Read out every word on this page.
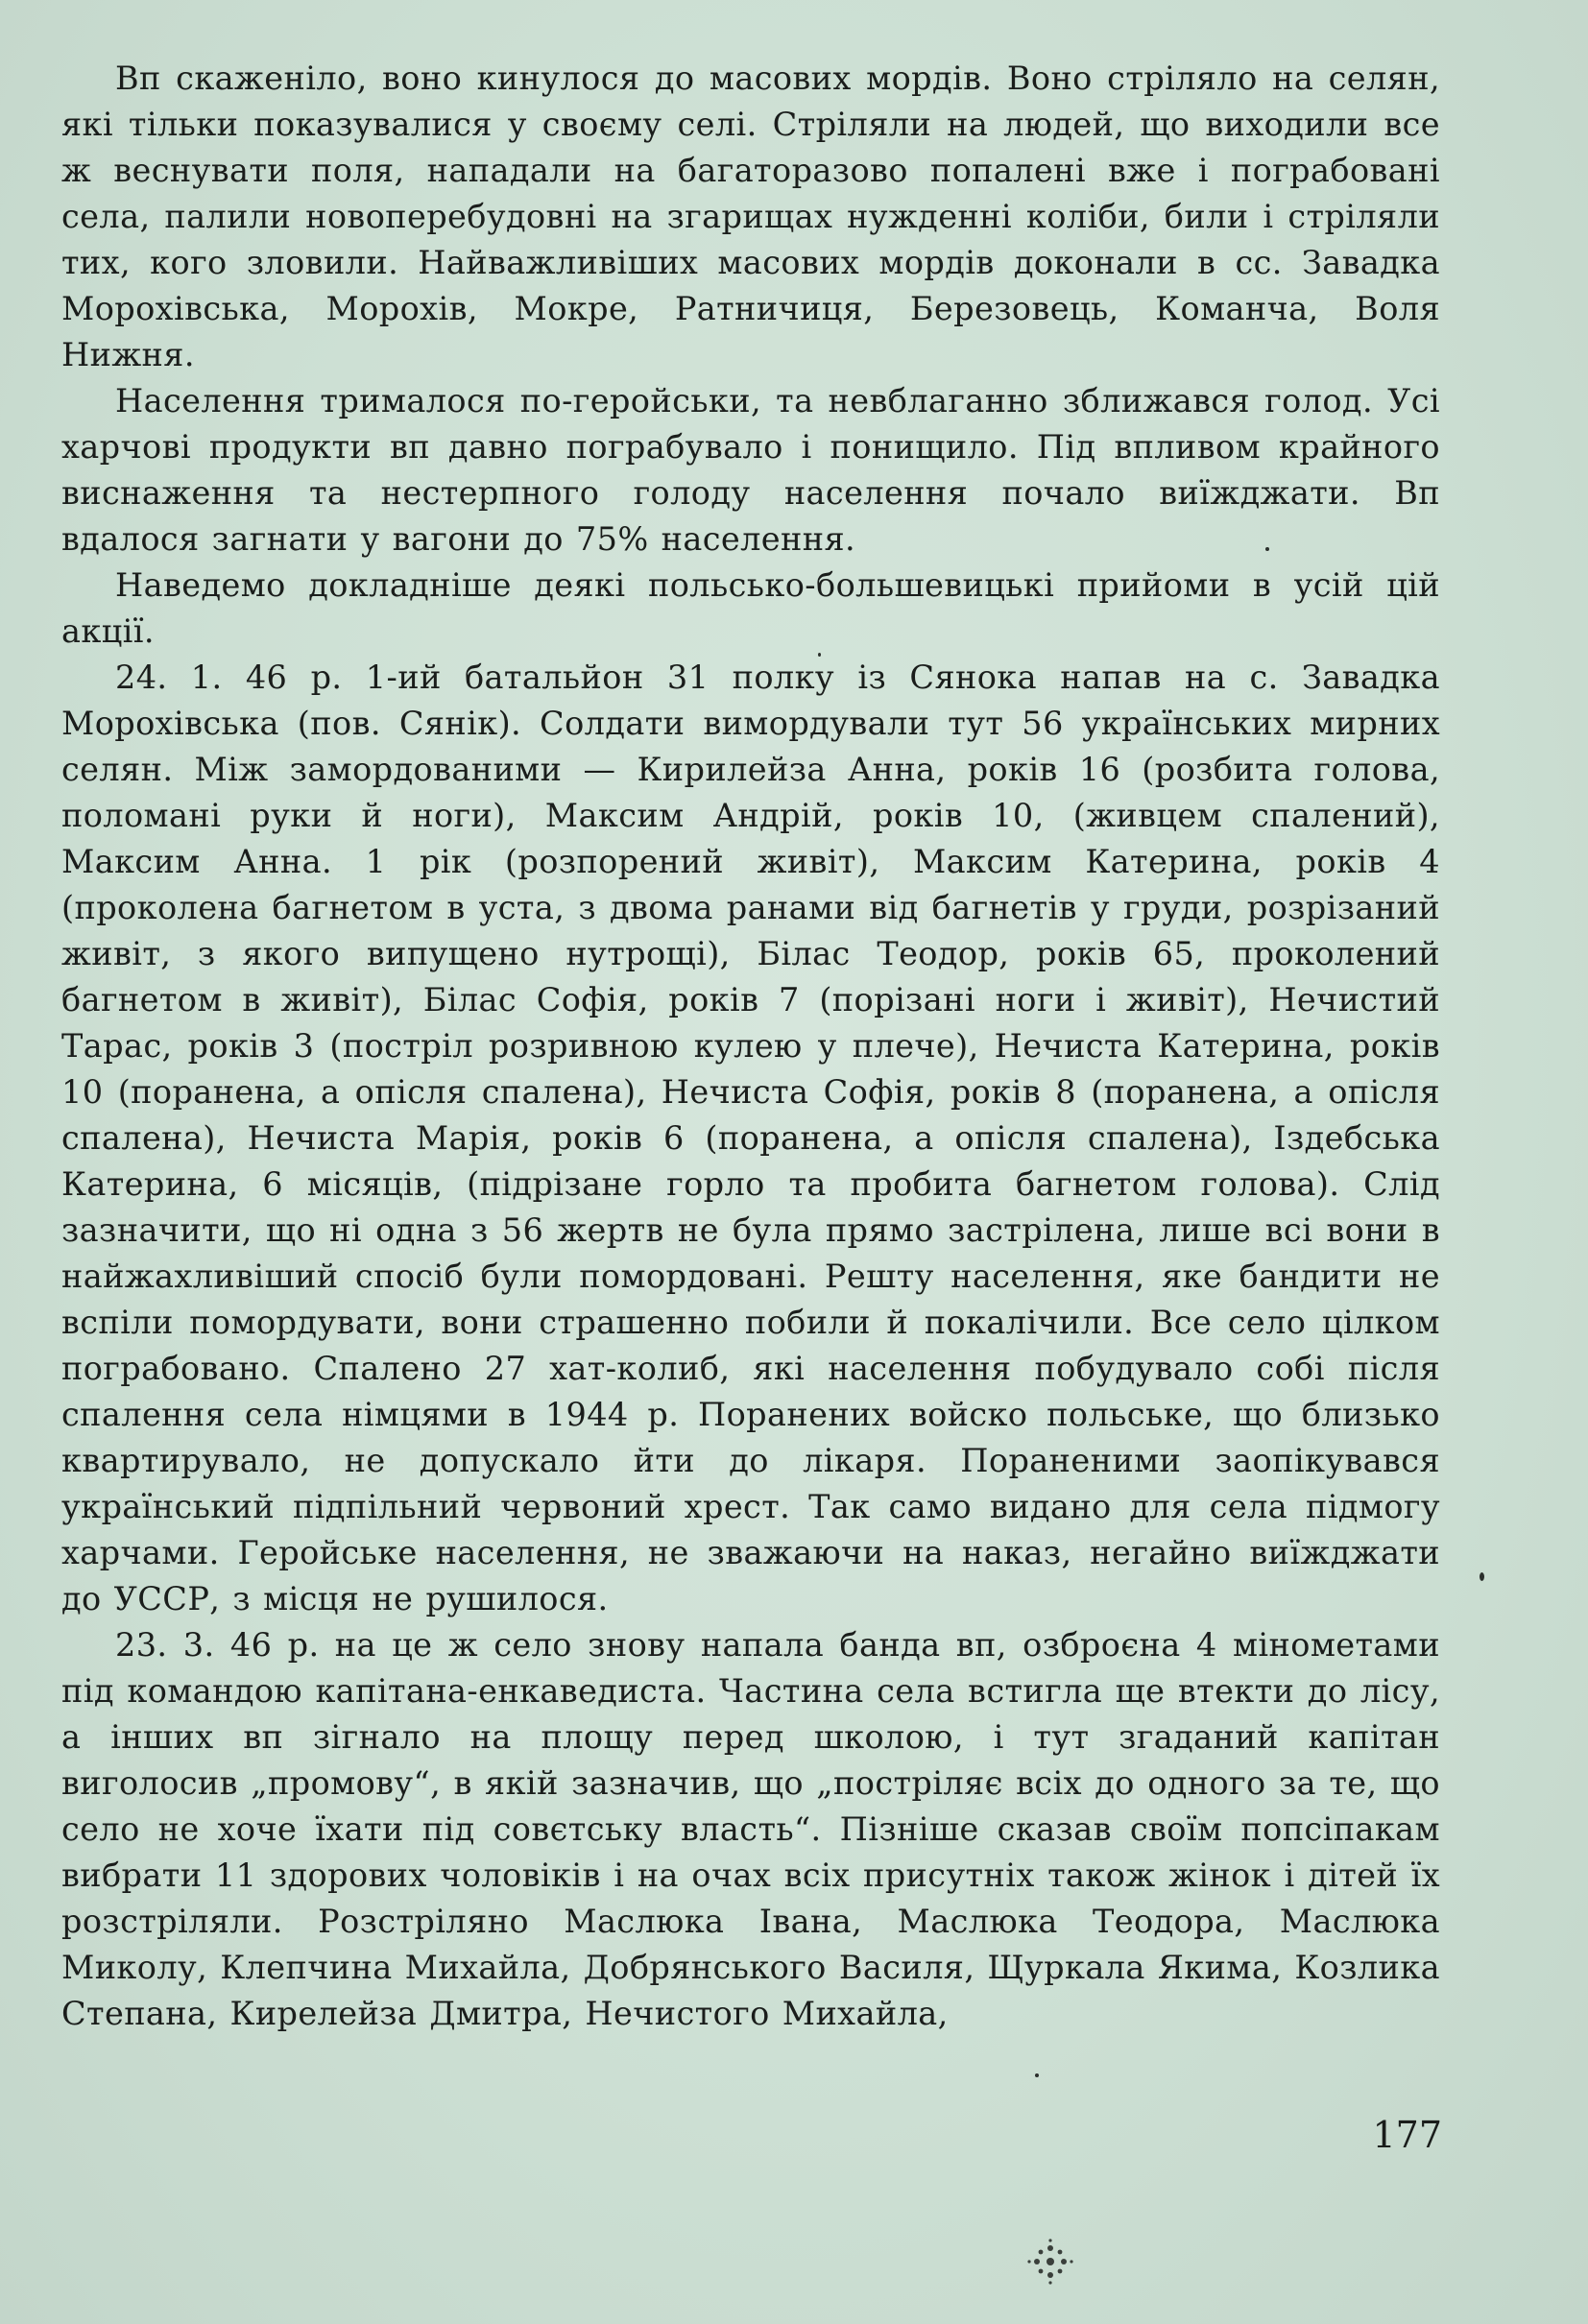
Вп скаженіло, воно кинулося до масових мордів. Воно стріляло на селян, які тільки показувалися у своєму селі. Стріляли на людей, що виходили все ж веснувати поля, нападали на багаторазово попалені вже і пограбовані села, палили новоперебудовні на згарищах нужденні коліби, били і стріляли тих, кого зловили. Найважливіших масових мордів доконали в сс. Завадка Морохівська, Морохів, Мокре, Ратничиця, Березовець, Команча, Воля Нижня.

Населення трималося по-геройськи, та невблаганно зближався голод. Усі харчові продукти вп давно пограбувало і понищило. Під впливом крайного виснаження та нестерпного голоду населення почало виїжджати. Вп вдалося загнати у вагони до 75% населення.

Наведемо докладніше деякі польсько-большевицькі прийоми в усій цій акції.

24. 1. 46 р. 1-ий батальйон 31 полку із Сянока напав на с. Завадка Морохівська (пов. Сянік). Солдати вимордували тут 56 українських мирних селян. Між замордованими — Кирилейза Анна, років 16 (розбита голова, поломані руки й ноги), Максим Андрій, років 10, (живцем спалений), Максим Анна. 1 рік (розпорений живіт), Максим Катерина, років 4 (проколена багнетом в уста, з двома ранами від багнетів у груди, розрізаний живіт, з якого випущено нутрощі), Білас Теодор, років 65, проколений багнетом в живіт), Білас Софія, років 7 (порізані ноги і живіт), Нечистий Тарас, років 3 (постріл розривною кулею у плече), Нечиста Катерина, років 10 (поранена, а опісля спалена), Нечиста Софія, років 8 (поранена, а опісля спалена), Нечиста Марія, років 6 (поранена, а опісля спалена), Іздебська Катерина, 6 місяців, (підрізане горло та пробита багнетом голова). Слід зазначити, що ні одна з 56 жертв не була прямо застрілена, лише всі вони в найжахливіший спосіб були помордовані. Решту населення, яке бандити не вспіли помордувати, вони страшенно побили й покалічили. Все село цілком пограбовано. Спалено 27 хат-колиб, які населення побудувало собі після спалення села німцями в 1944 р. Поранених войско польське, що близько квартирувало, не допускало йти до лікаря. Пораненими заопікувався український підпільний червоний хрест. Так само видано для села підмогу харчами. Геройське населення, не зважаючи на наказ, негайно виїжджати до УССР, з місця не рушилося.

23. 3. 46 р. на це ж село знову напала банда вп, озброєна 4 мінометами під командою капітана-енкаведиста. Частина села встигла ще втекти до лісу, а інших вп зігнало на площу перед школою, і тут згаданий капітан виголосив „промову“, в якій зазначив, що „постріляє всіх до одного за те, що село не хоче їхати під совєтську власть“. Пізніше сказав своїм попсіпакам вибрати 11 здорових чоловіків і на очах всіх присутніх також жінок і дітей їх розстріляли. Розстріляно Маслюка Івана, Маслюка Теодора, Маслюка Миколу, Клепчина Михайла, Добрянського Василя, Щуркала Якима, Козлика Степана, Кирелейза Дмитра, Нечистого Михайла,

177
